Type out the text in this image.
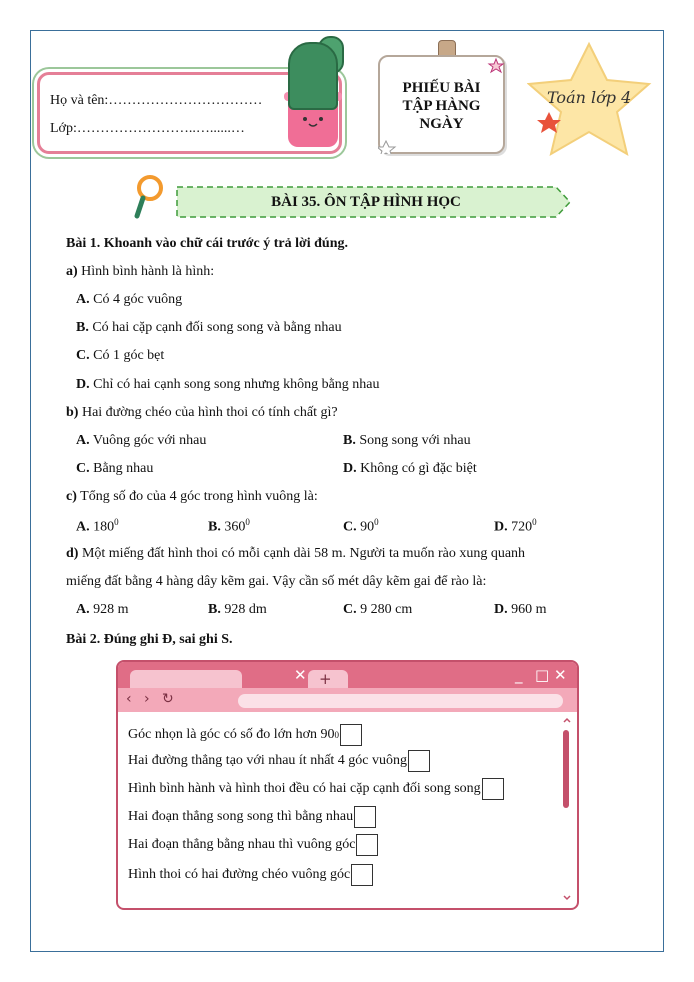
Họ và tên:……………………………
Lớp:……………………..…......…
PHIẾU BÀI TẬP HÀNG NGÀY
Toán lớp 4
BÀI 35. ÔN TẬP HÌNH HỌC
Bài 1. Khoanh vào chữ cái trước ý trả lời đúng.
a) Hình bình hành là hình:
A. Có 4 góc vuông
B. Có hai cặp cạnh đối song song và bằng nhau
C. Có 1 góc bẹt
D. Chỉ có hai cạnh song song nhưng không bằng nhau
b) Hai đường chéo của hình thoi có tính chất gì?
A. Vuông góc với nhau	B. Song song với nhau
C. Bằng nhau	D. Không có gì đặc biệt
c) Tổng số đo của 4 góc trong hình vuông là:
A. $180^0$	B. $360^0$	C. $90^0$	D. $720^0$
d) Một miếng đất hình thoi có mỗi cạnh dài 58 m. Người ta muốn rào xung quanh
miếng đất bằng 4 hàng dây kẽm gai. Vậy cần số mét dây kẽm gai để rào là:
A. 928 m	B. 928 dm	C. 9 280 cm	D. 960 m
Bài 2. Đúng ghi Đ, sai ghi S.
✕ +	_ □ ✕
‹ › ↻
Góc nhọn là góc có số đo lớn hơn 90 0
Hai đường thẳng tạo với nhau ít nhất 4 góc vuông
Hình bình hành và hình thoi đều có hai cặp cạnh đối song song
Hai đoạn thẳng song song thì bằng nhau
Hai đoạn thẳng bằng nhau thì vuông góc
Hình thoi có hai đường chéo vuông góc
